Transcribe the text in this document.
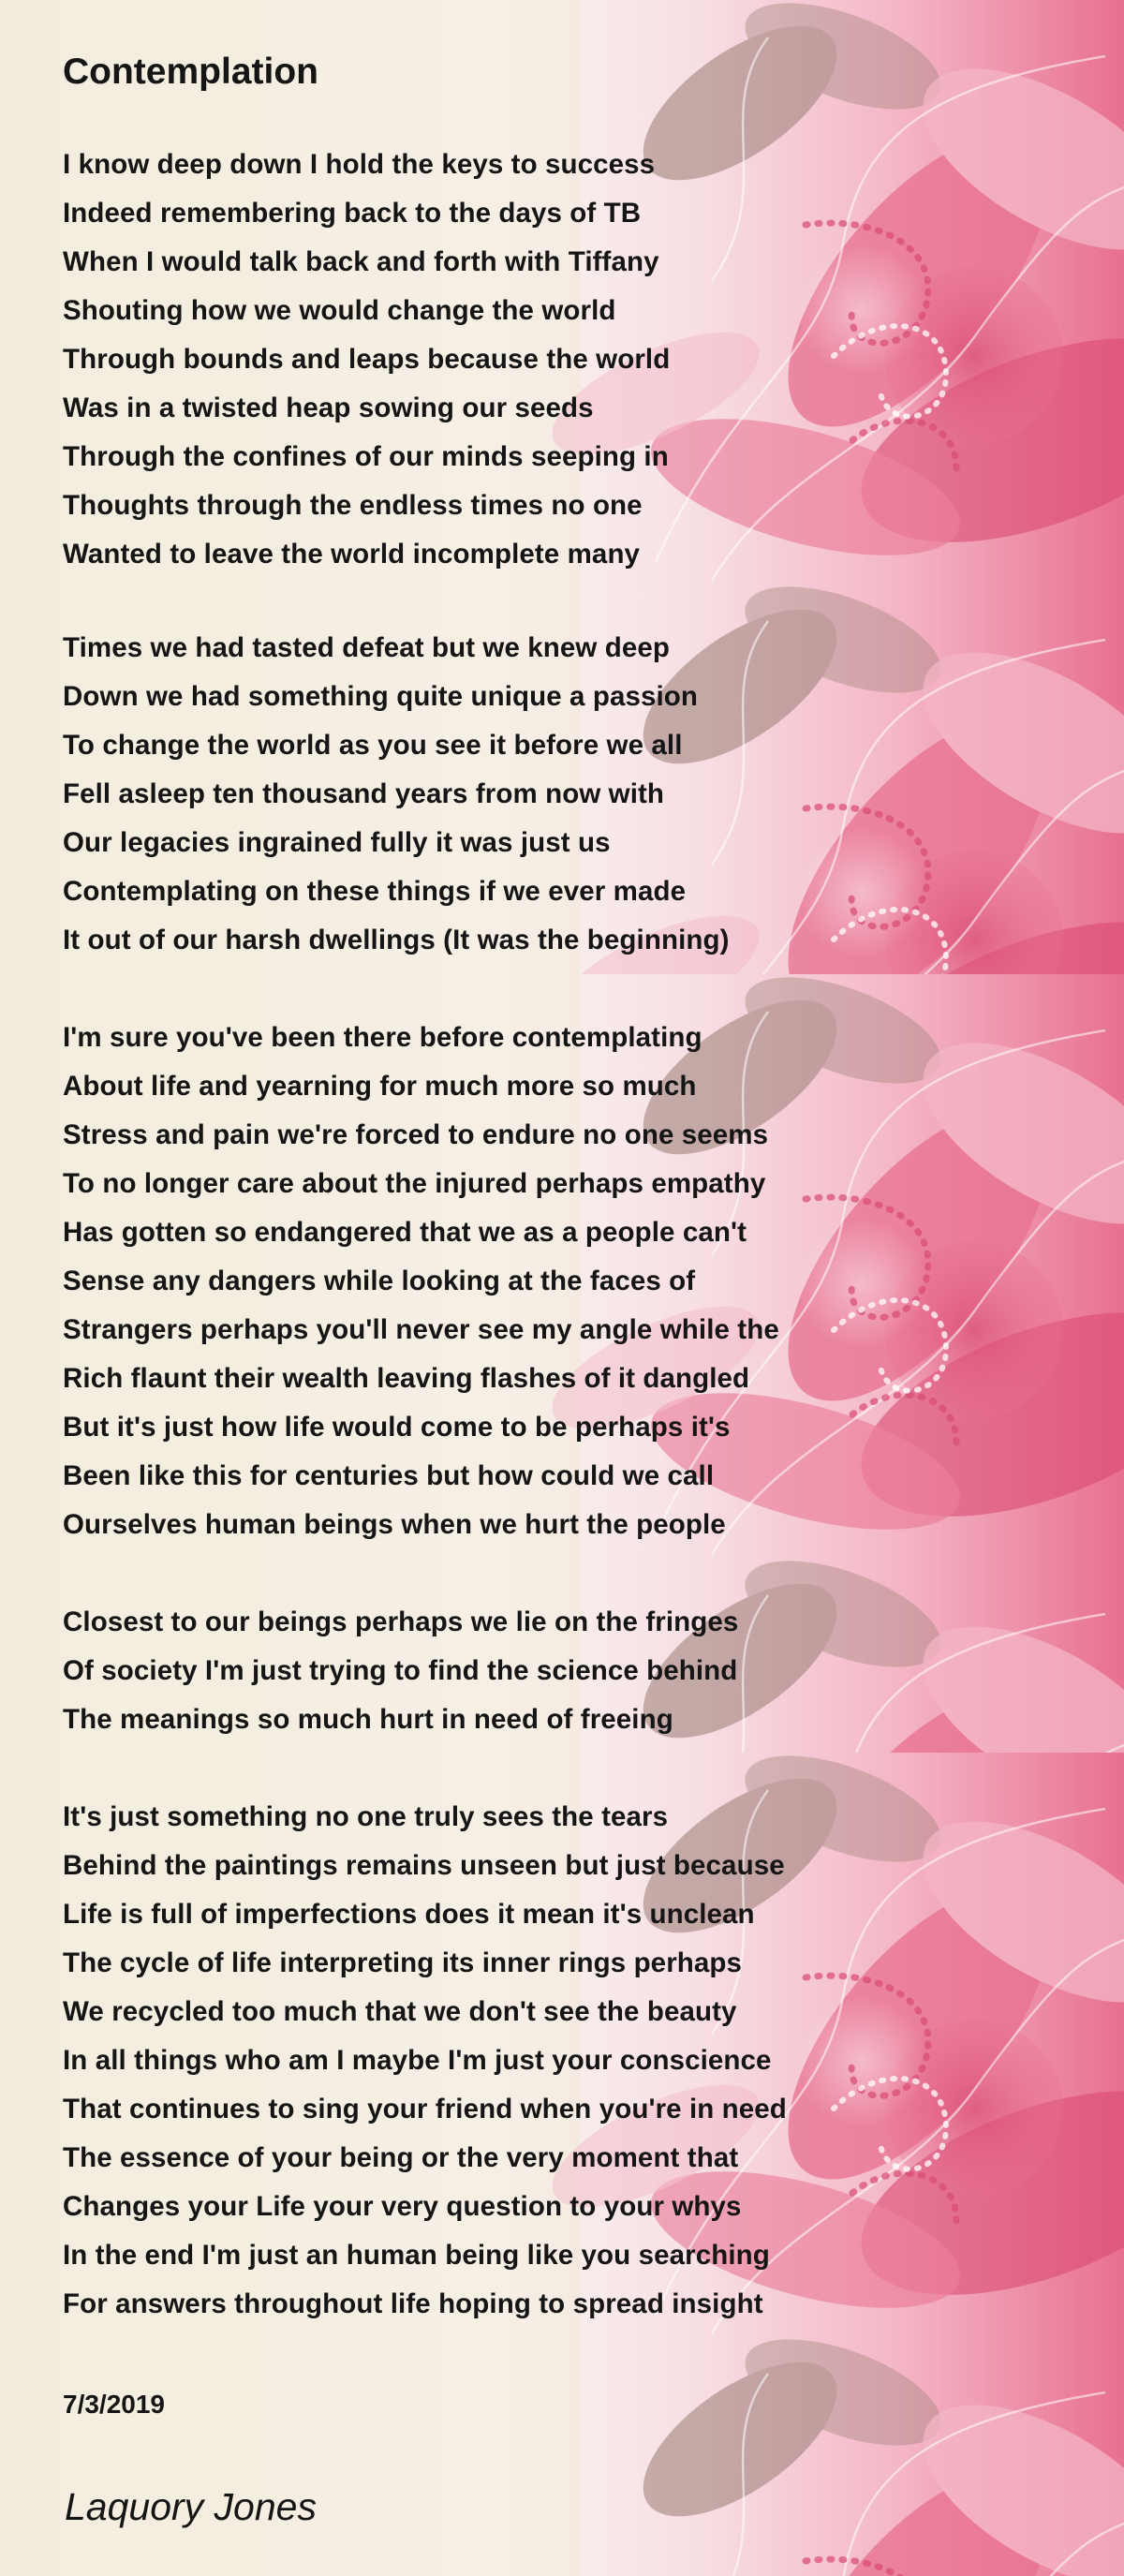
Contemplation
I know deep down I hold the keys to success
Indeed remembering back to the days of TB
When I would talk back and forth with Tiffany
Shouting how we would change the world
Through bounds and leaps because the world
Was in a twisted heap sowing our seeds
Through the confines of our minds seeping in
Thoughts through the endless times no one
Wanted to leave the world incomplete many
Times we had tasted defeat but we knew deep
Down we had something quite unique a passion
To change the world as you see it before we all
Fell asleep ten thousand years from now with
Our legacies ingrained fully it was just us
Contemplating on these things if we ever made
It out of our harsh dwellings (It was the beginning)
I'm sure you've been there before contemplating
About life and yearning for much more so much
Stress and pain we're forced to endure no one seems
To no longer care about the injured perhaps empathy
Has gotten so endangered that we as a people can't
Sense any dangers while looking at the faces of
Strangers perhaps you'll never see my angle while the
Rich flaunt their wealth leaving flashes of it dangled
But it's just how life would come to be perhaps it's
Been like this for centuries but how could we call
Ourselves human beings when we hurt the people
Closest to our beings perhaps we lie on the fringes
Of society I'm just trying to find the science behind
The meanings so much hurt in need of freeing
It's just something no one truly sees the tears
Behind the paintings remains unseen but just because
Life is full of imperfections does it mean it's unclean
The cycle of life interpreting its inner rings perhaps
We recycled too much that we don't see the beauty
In all things who am I maybe I'm just your conscience
That continues to sing your friend when you're in need
The essence of your being or the very moment that
Changes your Life your very question to your whys
In the end I'm just an human being like you searching
For answers throughout life hoping to spread insight
7/3/2019
Laquory Jones
